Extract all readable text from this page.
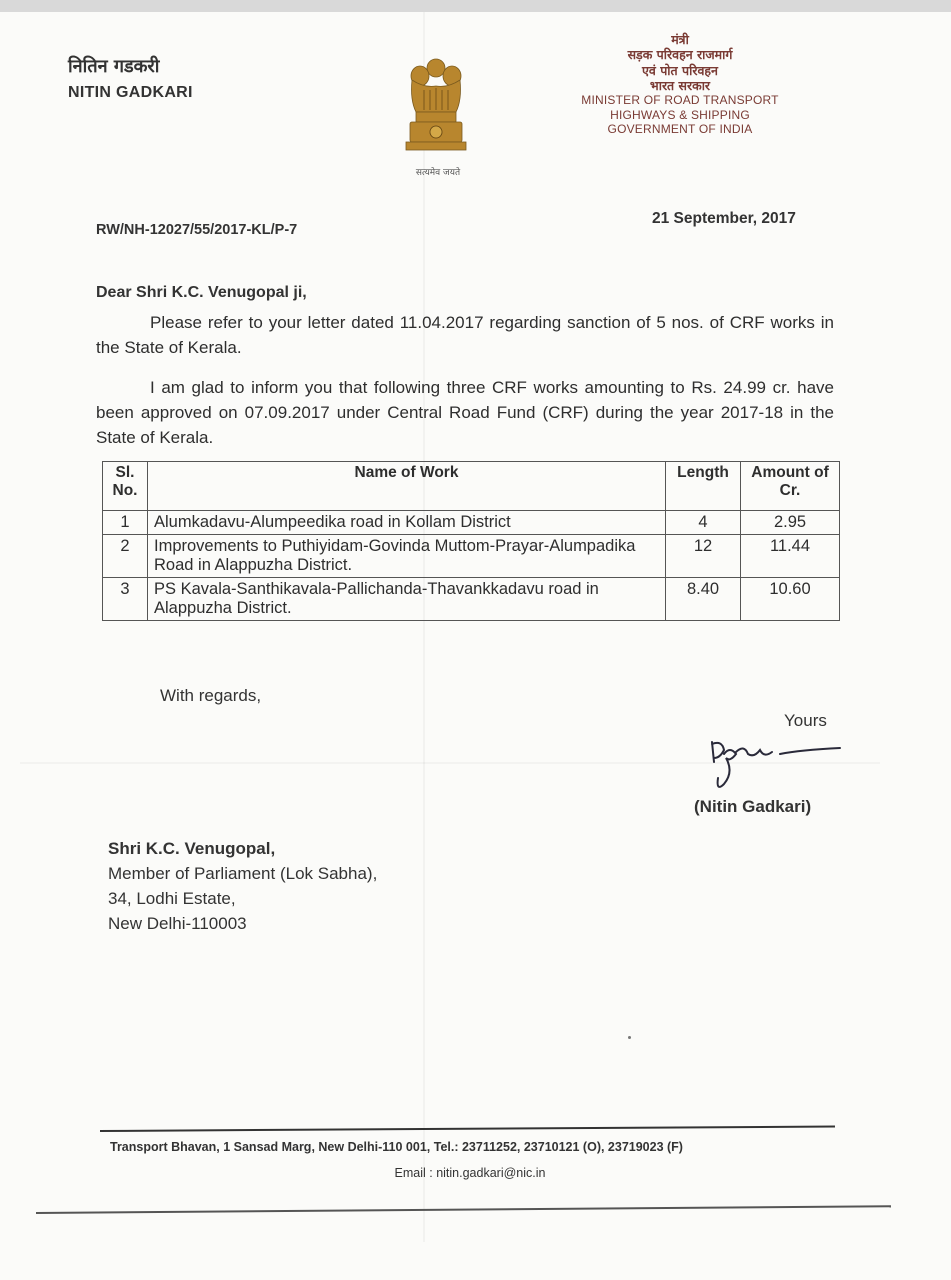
नितिन गडकरी
NITIN GADKARI
सत्यमेव जयते
मंत्री
सड़क परिवहन राजमार्ग
एवं पोत परिवहन
भारत सरकार
MINISTER OF ROAD TRANSPORT
HIGHWAYS & SHIPPING
GOVERNMENT OF INDIA
RW/NH-12027/55/2017-KL/P-7
21 September, 2017
Dear Shri K.C. Venugopal ji,
Please refer to your letter dated 11.04.2017 regarding sanction of 5 nos. of CRF works in the State of Kerala.
I am glad to inform you that following three CRF works amounting to Rs. 24.99 cr. have been approved on 07.09.2017 under Central Road Fund (CRF) during the year 2017-18 in the State of Kerala.
Sl. No.	Name of Work	Length	Amount of Cr.
1	Alumkadavu-Alumpeedika road in Kollam District	4	2.95
2	Improvements to Puthiyidam-Govinda Muttom-Prayar-Alumpadika Road in Alappuzha District.	12	11.44
3	PS Kavala-Santhikavala-Pallichanda-Thavankkadavu road in Alappuzha District.	8.40	10.60
With regards,
Yours
(Nitin Gadkari)
Shri K.C. Venugopal,
Member of Parliament (Lok Sabha),
34, Lodhi Estate,
New Delhi-110003
Transport Bhavan, 1 Sansad Marg, New Delhi-110 001, Tel.: 23711252, 23710121 (O), 23719023 (F)
Email : nitin.gadkari@nic.in
